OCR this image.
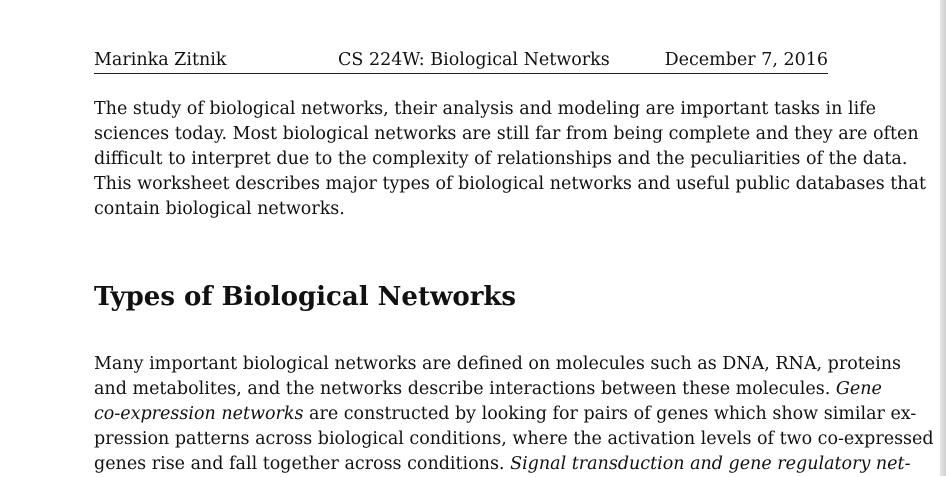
Marinka Zitnik	CS 224W: Biological Networks	December 7, 2016
The study of biological networks, their analysis and modeling are important tasks in life
sciences today. Most biological networks are still far from being complete and they are often
difficult to interpret due to the complexity of relationships and the peculiarities of the data.
This worksheet describes major types of biological networks and useful public databases that
contain biological networks.
Types of Biological Networks
Many important biological networks are defined on molecules such as DNA, RNA, proteins
and metabolites, and the networks describe interactions between these molecules. Gene
co-expression networks are constructed by looking for pairs of genes which show similar ex-
pression patterns across biological conditions, where the activation levels of two co-expressed
genes rise and fall together across conditions. Signal transduction and gene regulatory net-
